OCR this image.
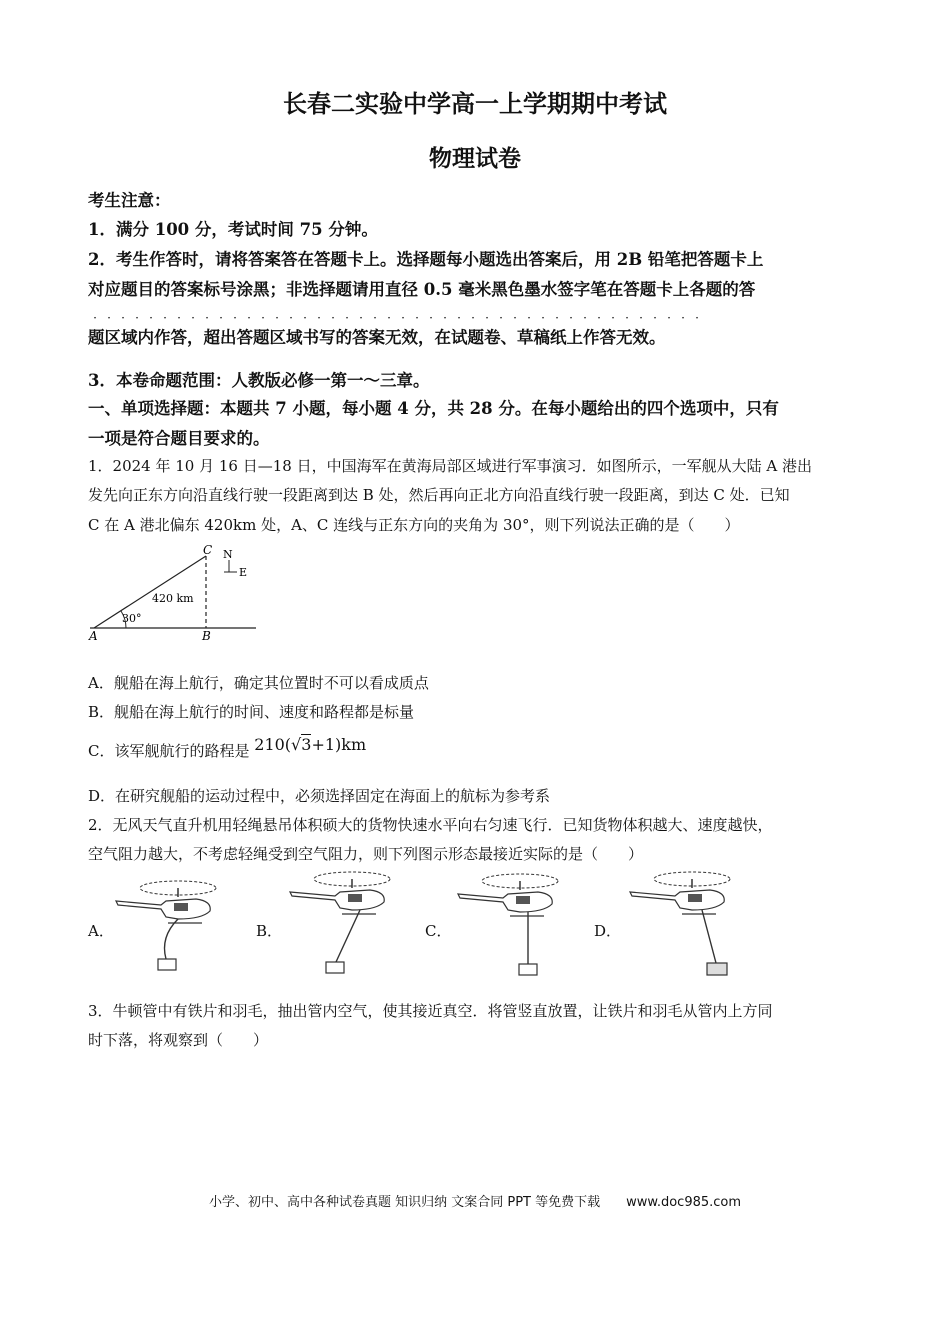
长春二实验中学高一上学期期中考试
物理试卷
考生注意：
1．满分 100 分，考试时间 75 分钟。
2．考生作答时，请将答案答在答题卡上。选择题每小题选出答案后，用 2B 铅笔把答题卡上
对应题目的答案标号涂黑；非选择题请用直径 0.5 毫米黑色墨水签字笔在答题卡上各题的答
· · · · · · · · · · · · · · · · · · · · · · · · · · · · · · · · · · · · · · · · · · · ·
题区域内作答，超出答题区域书写的答案无效，在试题卷、草稿纸上作答无效。
3．本卷命题范围：人教版必修一第一～三章。
一、单项选择题：本题共 7 小题，每小题 4 分，共 28 分。在每小题给出的四个选项中，只有
一项是符合题目要求的。
1．2024 年 10 月 16 日—18 日，中国海军在黄海局部区域进行军事演习．如图所示，一军舰从大陆 A 港出
发先向正东方向沿直线行驶一段距离到达 B 处，然后再向正北方向沿直线行驶一段距离，到达 C 处．已知
C 在 A 港北偏东 420km 处，A、C 连线与正东方向的夹角为 30°，则下列说法正确的是（　　）
C N
E
420 km
30°
A	B
A．舰船在海上航行，确定其位置时不可以看成质点
B．舰船在海上航行的时间、速度和路程都是标量
C．该军舰航行的路程是 210(√3+1)km
D．在研究舰船的运动过程中，必须选择固定在海面上的航标为参考系
2．无风天气直升机用轻绳悬吊体积硕大的货物快速水平向右匀速飞行．已知货物体积越大、速度越快，
空气阻力越大，不考虑轻绳受到空气阻力，则下列图示形态最接近实际的是（　　）
A．	B．	C．	D．
3．牛顿管中有铁片和羽毛，抽出管内空气，使其接近真空．将管竖直放置，让铁片和羽毛从管内上方同
时下落，将观察到（　　）
小学、初中、高中各种试卷真题 知识归纳 文案合同 PPT 等免费下载 www.doc985.com
